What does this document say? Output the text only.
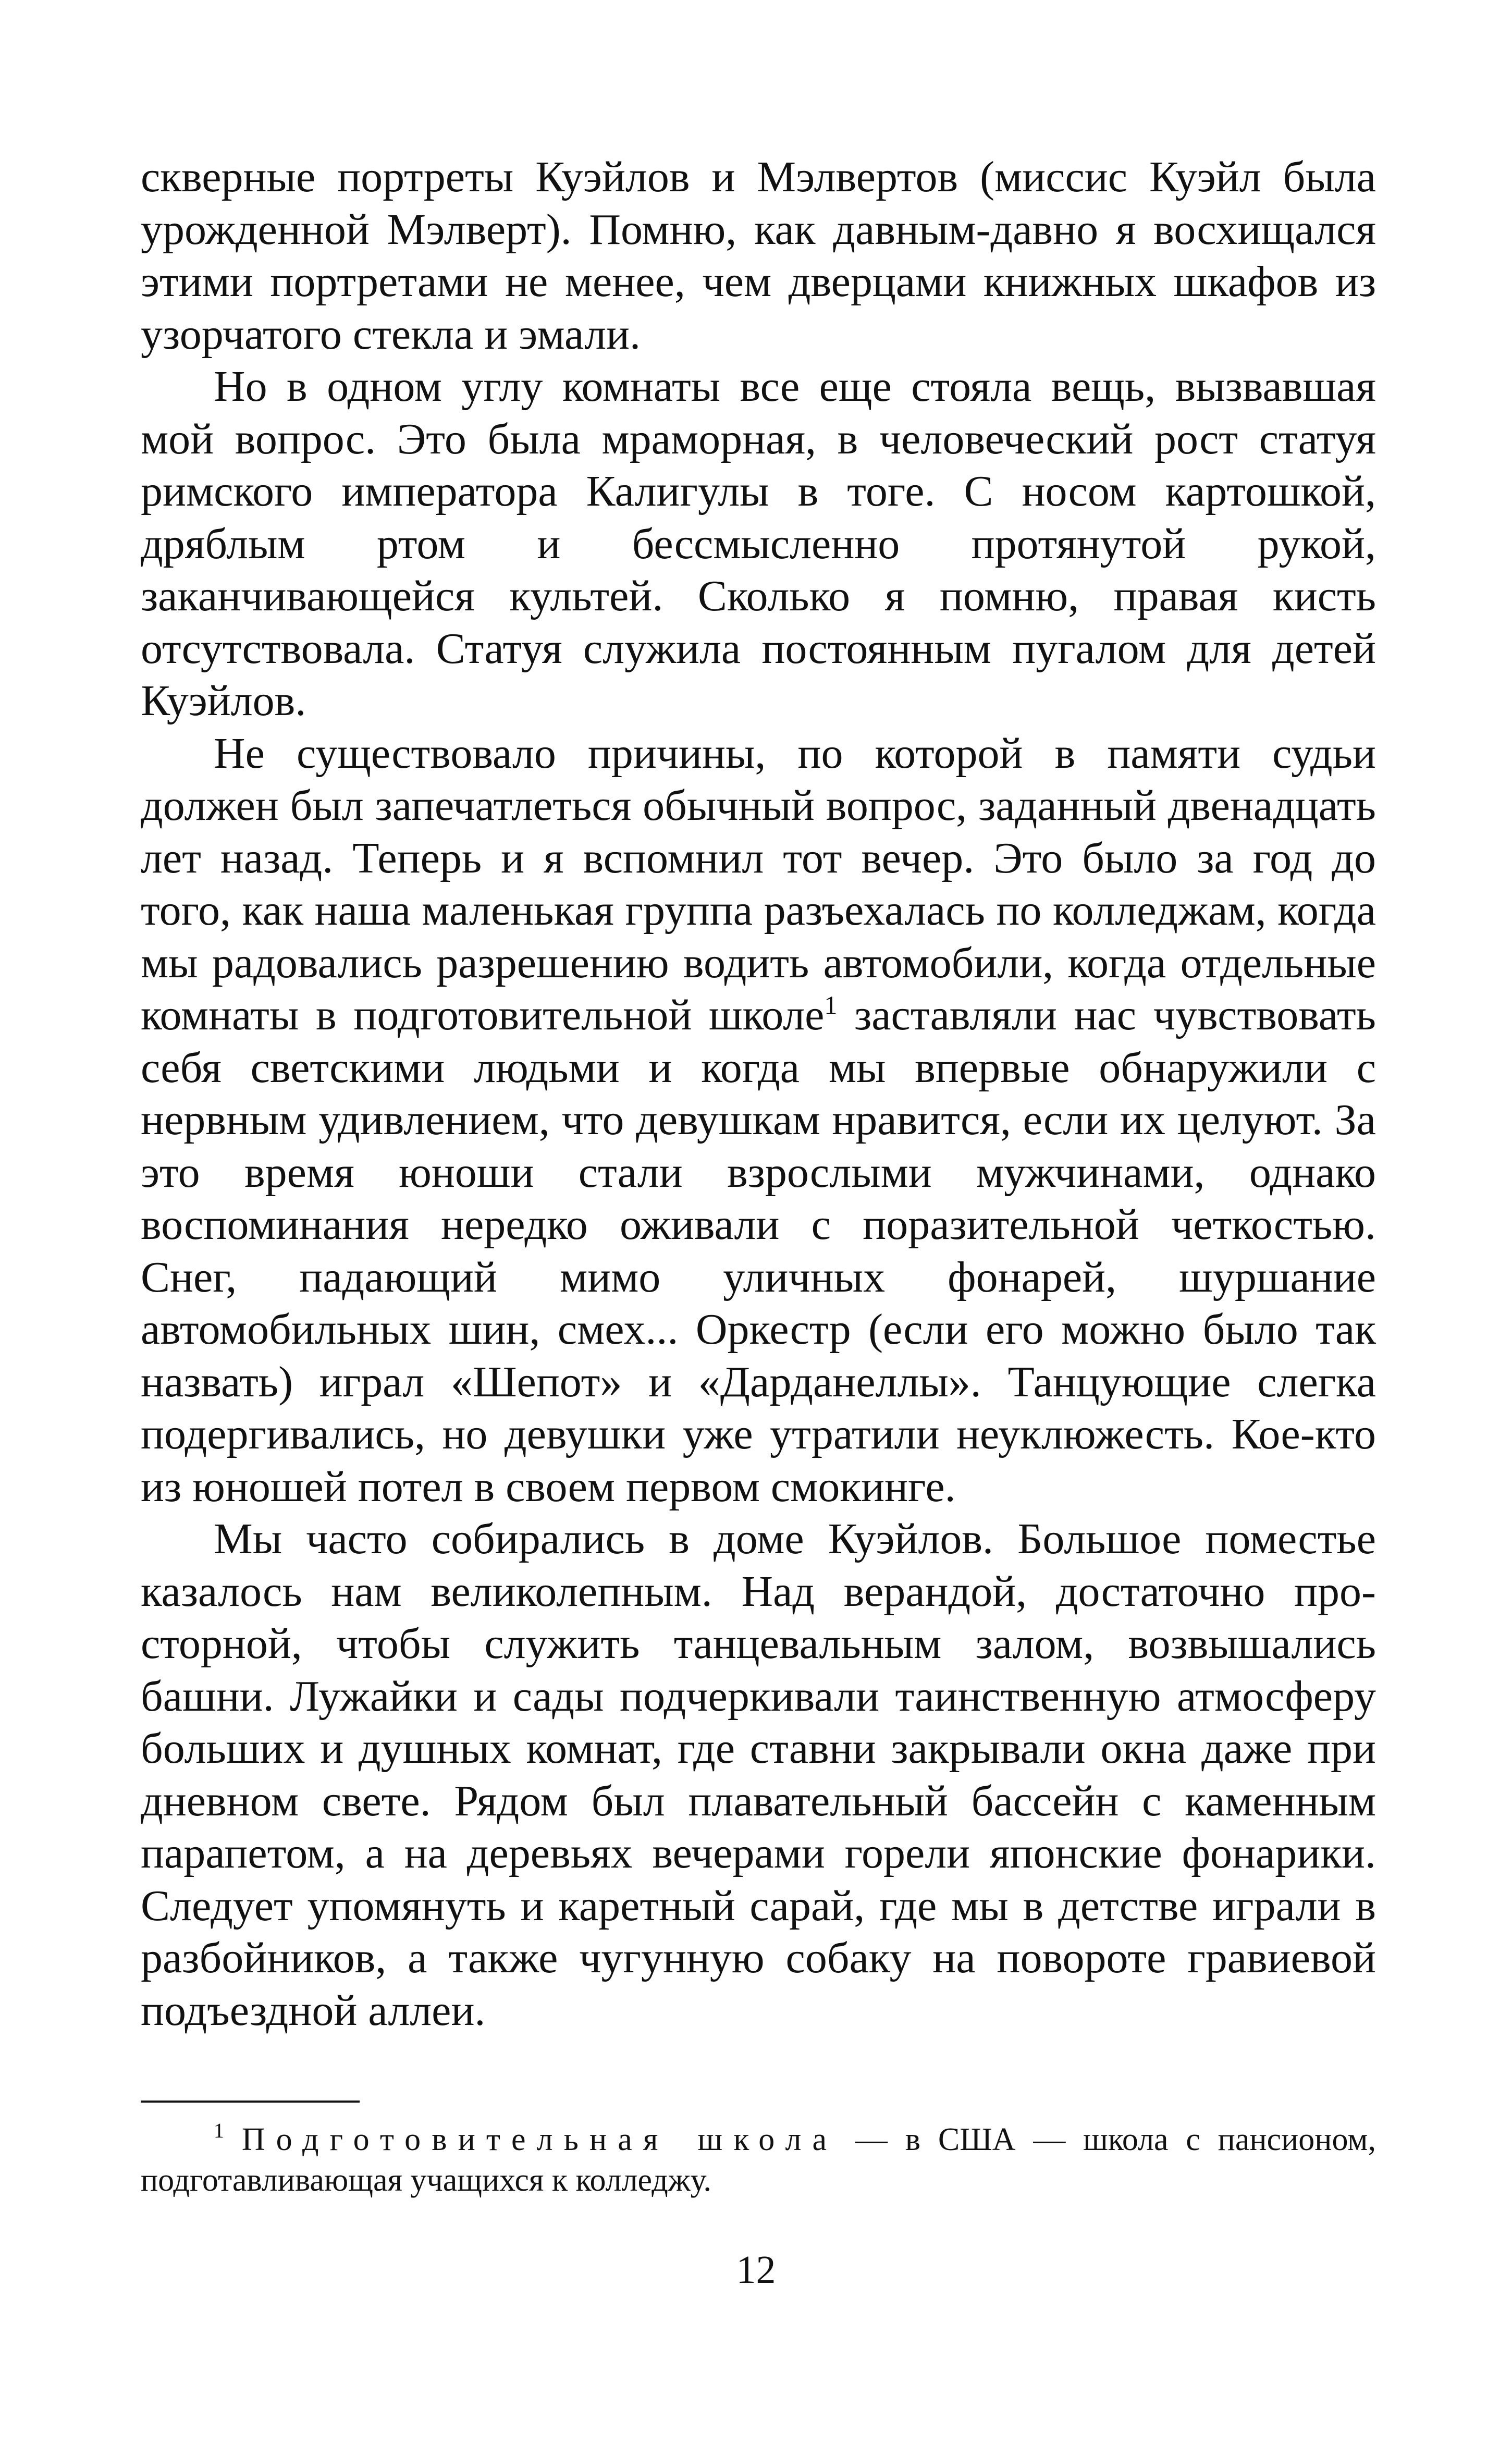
скверные портреты Куэйлов и Мэлвертов (миссис Куэйл была урожденной Мэлверт). Помню, как давным-давно я восхищался этими портретами не менее, чем дверцами книжных шкафов из узорчатого стекла и эмали.

Но в одном углу комнаты все еще стояла вещь, вызвавшая мой вопрос. Это была мраморная, в человеческий рост статуя римского императора Калигулы в тоге. С носом картошкой, дряблым ртом и бессмысленно протянутой рукой, заканчивающейся культей. Сколько я помню, правая кисть отсутствовала. Статуя служила постоянным пугалом для детей Куэйлов.

Не существовало причины, по которой в памяти судьи должен был запечатлеться обычный вопрос, заданный двенадцать лет назад. Теперь и я вспомнил тот вечер. Это было за год до того, как наша маленькая группа разъехалась по колледжам, когда мы радовались разрешению водить автомобили, когда отдельные комнаты в подготовительной школе$^1$ заставляли нас чувствовать себя светскими людьми и когда мы впервые обнаружили с нервным удивлением, что девушкам нравится, если их целуют. За это время юноши стали взрослыми мужчинами, однако воспоминания нередко оживали с поразительной четкостью. Снег, падающий мимо уличных фонарей, шуршание автомобильных шин, смех... Оркестр (если его можно было так назвать) играл «Шепот» и «Дарданеллы». Танцующие слегка подергивались, но девушки уже утратили неуклюжесть. Кое-кто из юношей потел в своем первом смокинге.

Мы часто собирались в доме Куэйлов. Большое поместье казалось нам великолепным. Над верандой, достаточно просторной, чтобы служить танцевальным залом, возвышались башни. Лужайки и сады подчеркивали таинственную атмосферу больших и душных комнат, где ставни закрывали окна даже при дневном свете. Рядом был плавательный бассейн с каменным парапетом, а на деревьях вечерами горели японские фонарики. Следует упомянуть и каретный сарай, где мы в детстве играли в разбойников, а также чугунную собаку на повороте гравиевой подъездной аллеи.

$^1$ Подготовительная школа — в США — школа с пансионом, подготавливающая учащихся к колледжу.

12
